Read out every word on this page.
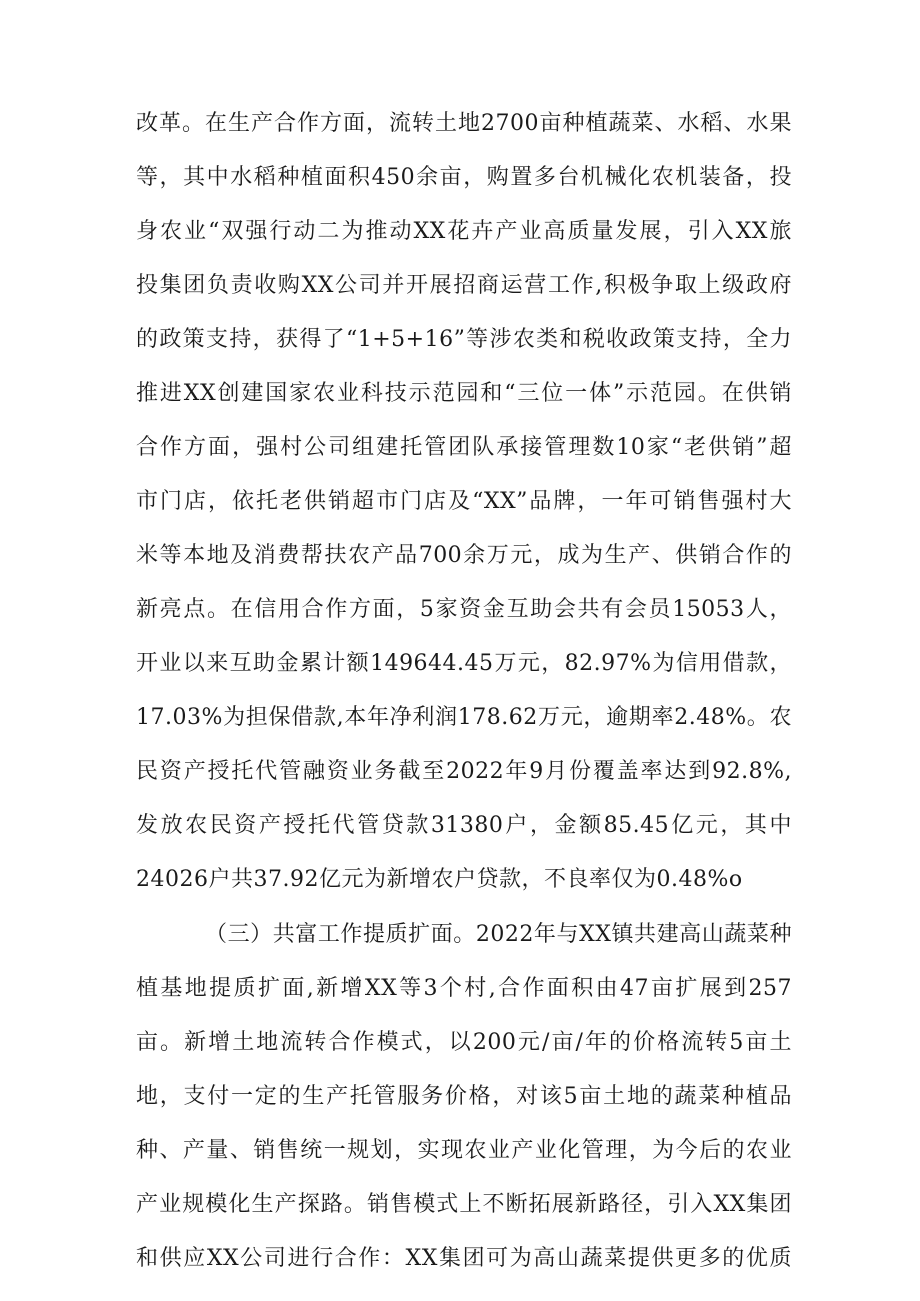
改革。在生产合作方面，流转土地2700亩种植蔬菜、水稻、水果
等，其中水稻种植面积450余亩，购置多台机械化农机装备，投
身农业“双强行动二为推动XX花卉产业高质量发展，引入XX旅
投集团负责收购XX公司并开展招商运营工作,积极争取上级政府
的政策支持，获得了“1+5+16”等涉农类和税收政策支持，全力
推进XX创建国家农业科技示范园和“三位一体”示范园。在供销
合作方面，强村公司组建托管团队承接管理数10家“老供销”超
市门店，依托老供销超市门店及“XX”品牌，一年可销售强村大
米等本地及消费帮扶农产品700余万元，成为生产、供销合作的
新亮点。在信用合作方面，5家资金互助会共有会员15053人，
开业以来互助金累计额149644.45万元，82.97%为信用借款，
17.03%为担保借款,本年净利润178.62万元，逾期率2.48%。农
民资产授托代管融资业务截至2022年9月份覆盖率达到92.8%,
发放农民资产授托代管贷款31380户，金额85.45亿元，其中
24026户共37.92亿元为新增农户贷款，不良率仅为0.48%o
（三）共富工作提质扩面。2022年与XX镇共建高山蔬菜种
植基地提质扩面,新增XX等3个村,合作面积由47亩扩展到257
亩。新增土地流转合作模式，以200元/亩/年的价格流转5亩土
地，支付一定的生产托管服务价格，对该5亩土地的蔬菜种植品
种、产量、销售统一规划，实现农业产业化管理，为今后的农业
产业规模化生产探路。销售模式上不断拓展新路径，引入XX集团
和供应XX公司进行合作：XX集团可为高山蔬菜提供更多的优质
